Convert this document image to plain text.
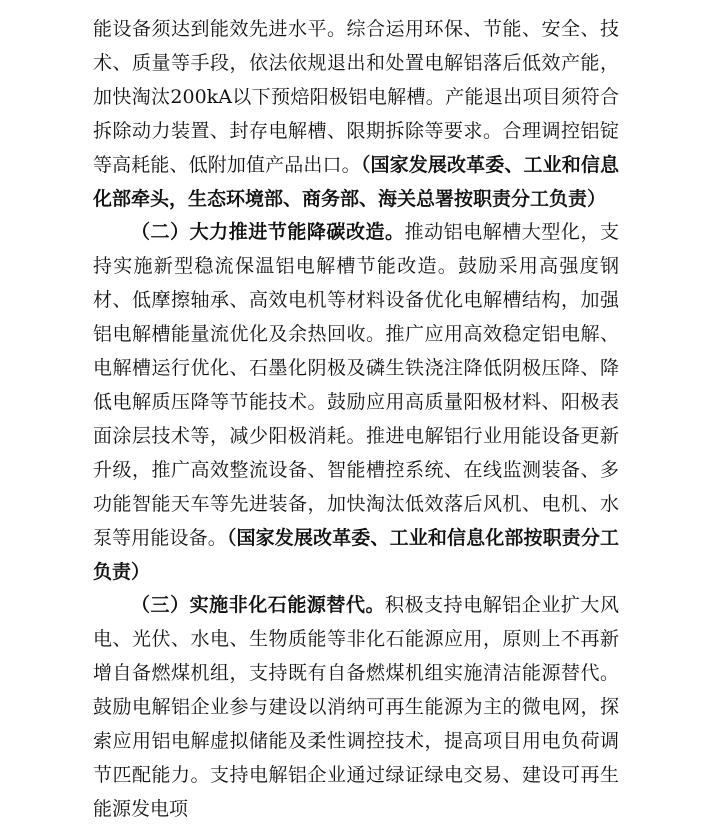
能设备须达到能效先进水平。综合运用环保、节能、安全、技术、质量等手段，依法依规退出和处置电解铝落后低效产能，加快淘汰200kA以下预焙阳极铝电解槽。产能退出项目须符合拆除动力装置、封存电解槽、限期拆除等要求。合理调控铝锭等高耗能、低附加值产品出口。（国家发展改革委、工业和信息化部牵头，生态环境部、商务部、海关总署按职责分工负责）

（二）大力推进节能降碳改造。推动铝电解槽大型化，支持实施新型稳流保温铝电解槽节能改造。鼓励采用高强度钢材、低摩擦轴承、高效电机等材料设备优化电解槽结构，加强铝电解槽能量流优化及余热回收。推广应用高效稳定铝电解、电解槽运行优化、石墨化阴极及磷生铁浇注降低阴极压降、降低电解质压降等节能技术。鼓励应用高质量阳极材料、阳极表面涂层技术等，减少阳极消耗。推进电解铝行业用能设备更新升级，推广高效整流设备、智能槽控系统、在线监测装备、多功能智能天车等先进装备，加快淘汰低效落后风机、电机、水泵等用能设备。（国家发展改革委、工业和信息化部按职责分工负责）

（三）实施非化石能源替代。积极支持电解铝企业扩大风电、光伏、水电、生物质能等非化石能源应用，原则上不再新增自备燃煤机组，支持既有自备燃煤机组实施清洁能源替代。鼓励电解铝企业参与建设以消纳可再生能源为主的微电网，探索应用铝电解虚拟储能及柔性调控技术，提高项目用电负荷调节匹配能力。支持电解铝企业通过绿证绿电交易、建设可再生能源发电项
